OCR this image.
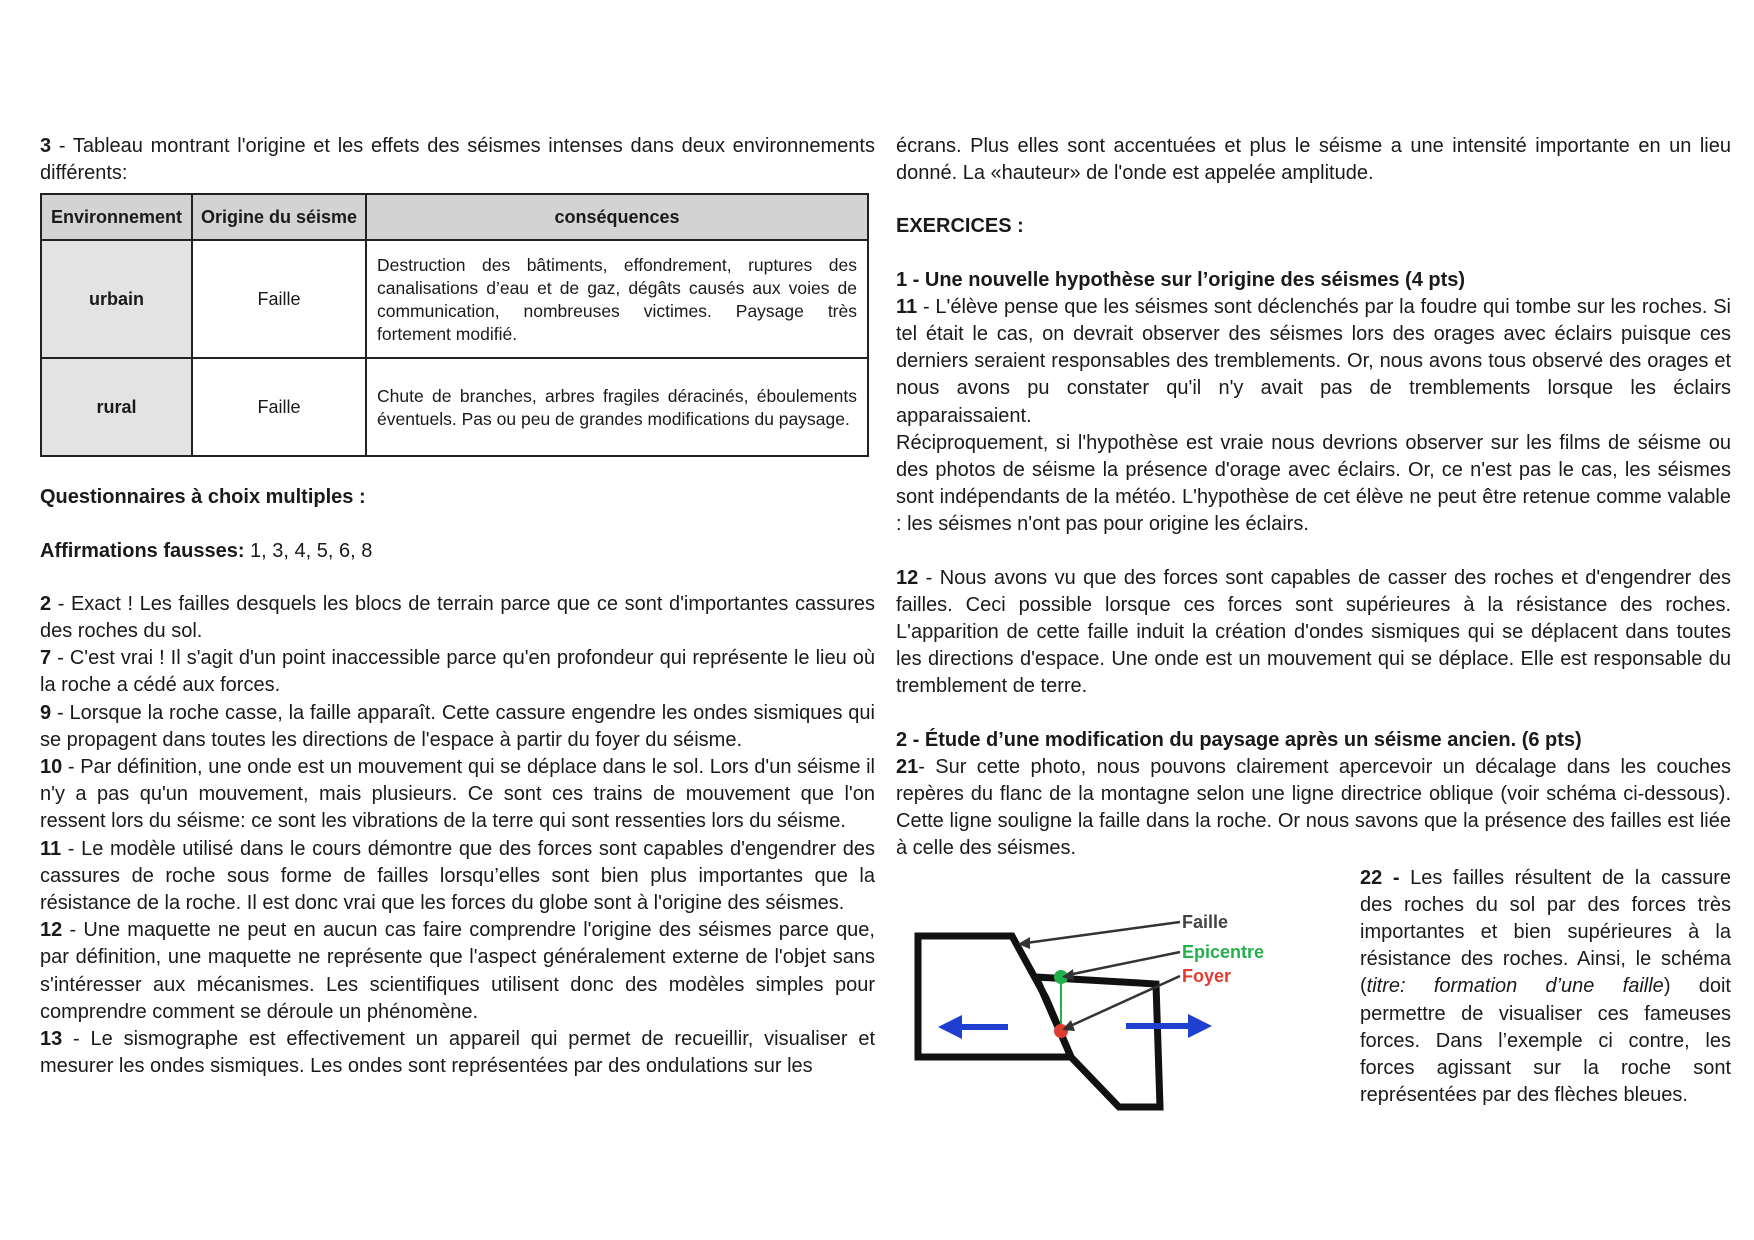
3 - Tableau montrant l'origine et les effets des séismes intenses dans deux environnements différents:

Environnement	Origine du séisme	conséquences
urbain	Faille	Destruction des bâtiments, effondrement, ruptures des canalisations d’eau et de gaz, dégâts causés aux voies de communication, nombreuses victimes. Paysage très fortement modifié.
rural	Faille	Chute de branches, arbres fragiles déracinés, éboulements éventuels. Pas ou peu de grandes modifications du paysage.

Questionnaires à choix multiples :

Affirmations fausses: 1, 3, 4, 5, 6, 8

2 - Exact ! Les failles desquels les blocs de terrain parce que ce sont d'importantes cassures des roches du sol.

7 - C'est vrai ! Il s'agit d'un point inaccessible parce qu'en profondeur qui représente le lieu où la roche a cédé aux forces.

9 - Lorsque la roche casse, la faille apparaît. Cette cassure engendre les ondes sismiques qui se propagent dans toutes les directions de l'espace à partir du foyer du séisme.

10 - Par définition, une onde est un mouvement qui se déplace dans le sol. Lors d'un séisme il n'y a pas qu'un mouvement, mais plusieurs. Ce sont ces trains de mouvement que l'on ressent lors du séisme: ce sont les vibrations de la terre qui sont ressenties lors du séisme.

11 - Le modèle utilisé dans le cours démontre que des forces sont capables d'engendrer des cassures de roche sous forme de failles lorsqu’elles sont bien plus importantes que la résistance de la roche. Il est donc vrai que les forces du globe sont à l'origine des séismes.

12 - Une maquette ne peut en aucun cas faire comprendre l'origine des séismes parce que, par définition, une maquette ne représente que l'aspect généralement externe de l'objet sans s'intéresser aux mécanismes. Les scientifiques utilisent donc des modèles simples pour comprendre comment se déroule un phénomène.

13 - Le sismographe est effectivement un appareil qui permet de recueillir, visualiser et mesurer les ondes sismiques. Les ondes sont représentées par des ondulations sur les

écrans. Plus elles sont accentuées et plus le séisme a une intensité importante en un lieu donné. La «hauteur» de l'onde est appelée amplitude.

EXERCICES :

1 - Une nouvelle hypothèse sur l’origine des séismes (4 pts)

11 - L'élève pense que les séismes sont déclenchés par la foudre qui tombe sur les roches. Si tel était le cas, on devrait observer des séismes lors des orages avec éclairs puisque ces derniers seraient responsables des tremblements. Or, nous avons tous observé des orages et nous avons pu constater qu'il n'y avait pas de tremblements lorsque les éclairs apparaissaient.

Réciproquement, si l'hypothèse est vraie nous devrions observer sur les films de séisme ou des photos de séisme la présence d'orage avec éclairs. Or, ce n'est pas le cas, les séismes sont indépendants de la météo. L'hypothèse de cet élève ne peut être retenue comme valable : les séismes n'ont pas pour origine les éclairs.

12 - Nous avons vu que des forces sont capables de casser des roches et d'engendrer des failles. Ceci possible lorsque ces forces sont supérieures à la résistance des roches. L'apparition de cette faille induit la création d'ondes sismiques qui se déplacent dans toutes les directions d'espace. Une onde est un mouvement qui se déplace. Elle est responsable du tremblement de terre.

2 - Étude d’une modification du paysage après un séisme ancien. (6 pts)

21- Sur cette photo, nous pouvons clairement apercevoir un décalage dans les couches repères du flanc de la montagne selon une ligne directrice oblique (voir schéma ci-dessous). Cette ligne souligne la faille dans la roche. Or nous savons que la présence des failles est liée à celle des séismes.

Faille
Epicentre
Foyer

22 - Les failles résultent de la cassure des roches du sol par des forces très importantes et bien supérieures à la résistance des roches. Ainsi, le schéma (titre: formation d’une faille) doit permettre de visualiser ces fameuses forces. Dans l’exemple ci contre, les forces agissant sur la roche sont représentées par des flèches bleues.
